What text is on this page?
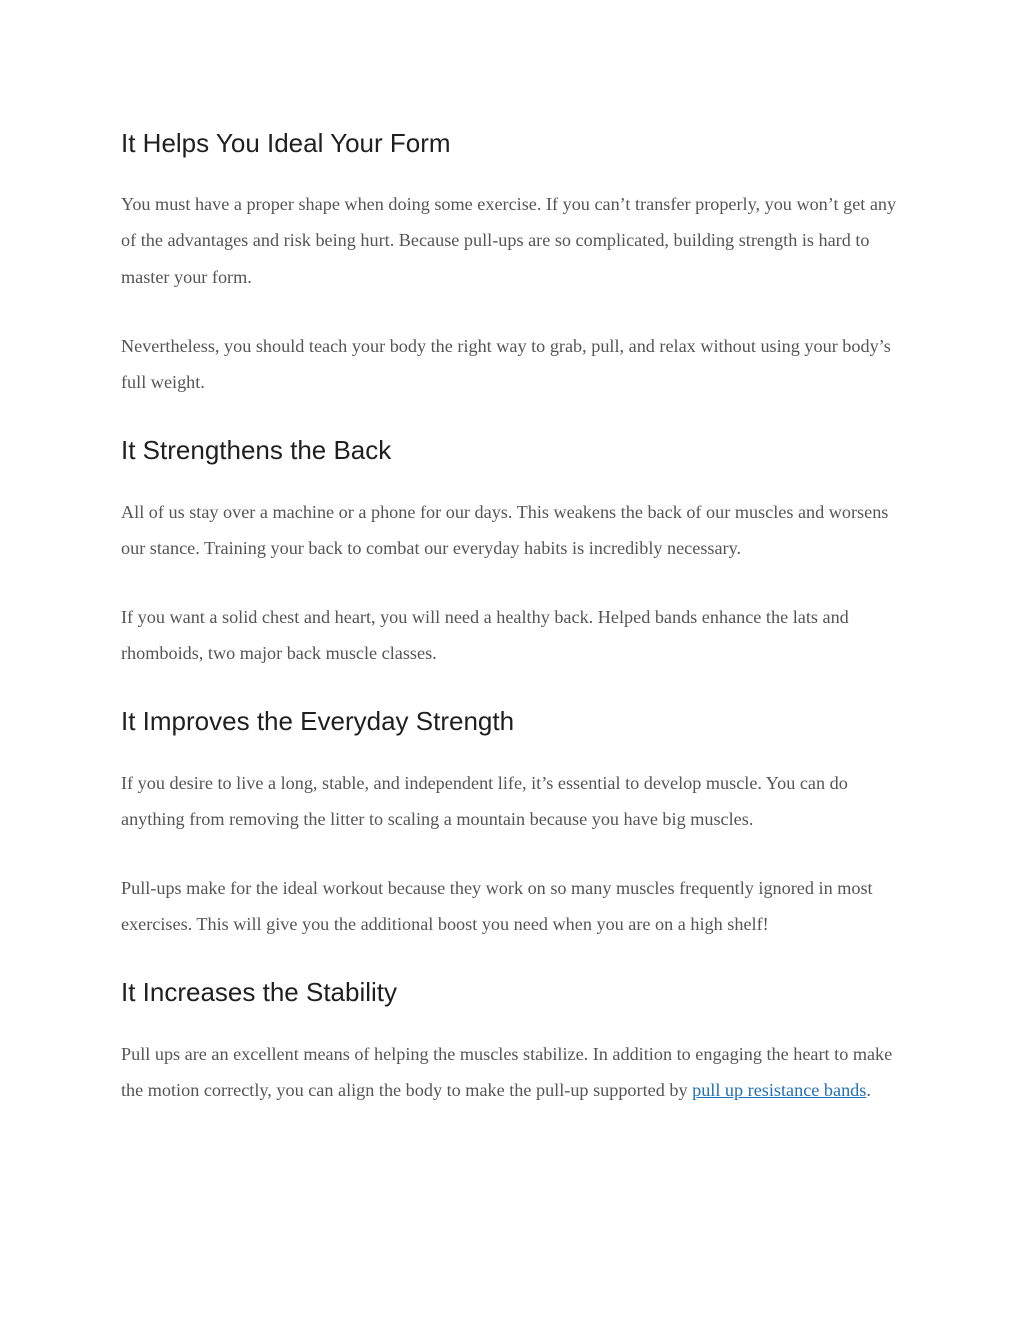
It Helps You Ideal Your Form

You must have a proper shape when doing some exercise. If you can’t transfer properly, you won’t get any of the advantages and risk being hurt. Because pull-ups are so complicated, building strength is hard to master your form.

Nevertheless, you should teach your body the right way to grab, pull, and relax without using your body’s full weight.

It Strengthens the Back

All of us stay over a machine or a phone for our days. This weakens the back of our muscles and worsens our stance. Training your back to combat our everyday habits is incredibly necessary.

If you want a solid chest and heart, you will need a healthy back. Helped bands enhance the lats and rhomboids, two major back muscle classes.

It Improves the Everyday Strength

If you desire to live a long, stable, and independent life, it’s essential to develop muscle. You can do anything from removing the litter to scaling a mountain because you have big muscles.

Pull-ups make for the ideal workout because they work on so many muscles frequently ignored in most exercises. This will give you the additional boost you need when you are on a high shelf!

It Increases the Stability

Pull ups are an excellent means of helping the muscles stabilize. In addition to engaging the heart to make the motion correctly, you can align the body to make the pull-up supported by pull up resistance bands.
